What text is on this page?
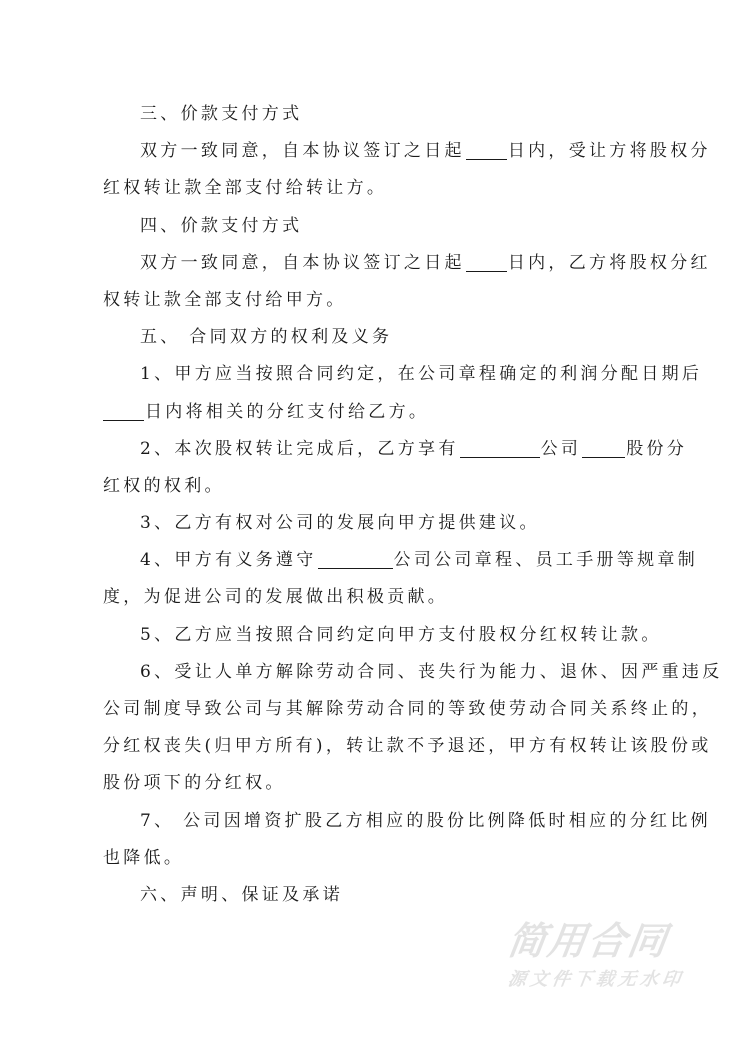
三、价款支付方式
双方一致同意，自本协议签订之日起	日内，受让方将股权分
红权转让款全部支付给转让方。
四、价款支付方式
双方一致同意，自本协议签订之日起	日内，乙方将股权分红
权转让款全部支付给甲方。
五、 合同双方的权利及义务
1、甲方应当按照合同约定，在公司章程确定的利润分配日期后
日内将相关的分红支付给乙方。
2、本次股权转让完成后，乙方享有	公司	股份分
红权的权利。
3、乙方有权对公司的发展向甲方提供建议。
4、甲方有义务遵守	公司公司章程、员工手册等规章制
度，为促进公司的发展做出积极贡献。
5、乙方应当按照合同约定向甲方支付股权分红权转让款。
6、受让人单方解除劳动合同、丧失行为能力、退休、因严重违反
公司制度导致公司与其解除劳动合同的等致使劳动合同关系终止的，
分红权丧失(归甲方所有)，转让款不予退还，甲方有权转让该股份或
股份项下的分红权。
7、 公司因增资扩股乙方相应的股份比例降低时相应的分红比例
也降低。
六、声明、保证及承诺
简用合同
源文件下载无水印
